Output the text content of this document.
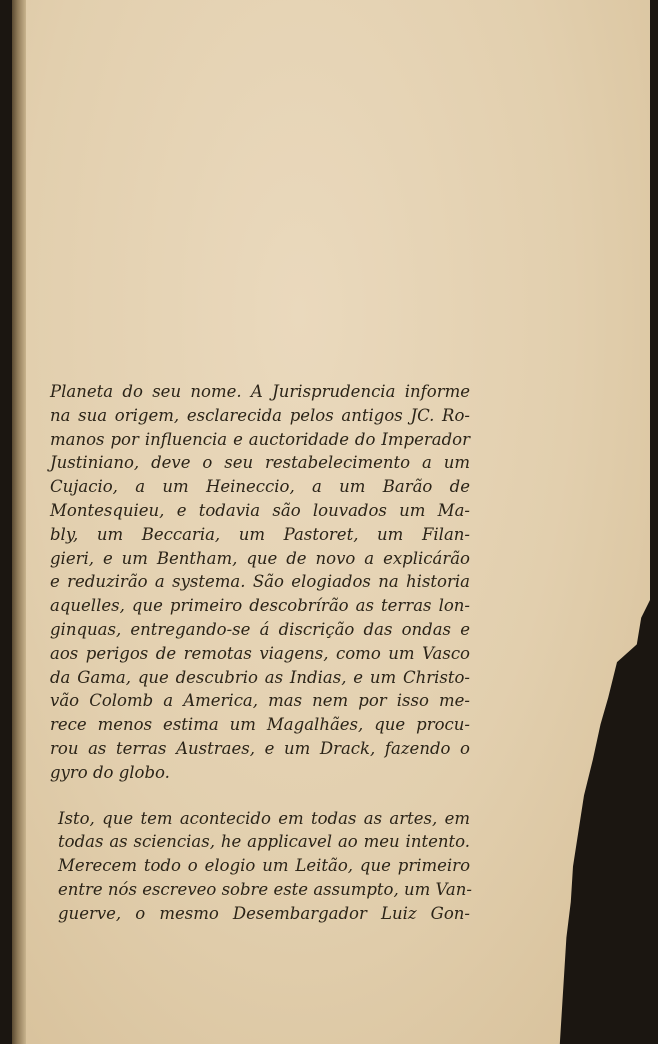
Planeta do seu nome. A Jurisprudencia informe
na sua origem, esclarecida pelos antigos JC. Ro-
manos por influencia e auctoridade do Imperador
Justiniano, deve o seu restabelecimento a um
Cujacio, a um Heineccio, a um Barão de
Montesquieu, e todavia são louvados um Ma-
bly, um Beccaria, um Pastoret, um Filan-
gieri, e um Bentham, que de novo a explicárão
e reduzirão a systema. São elogiados na historia
aquelles, que primeiro descobrírão as terras lon-
ginquas, entregando-se á discrição das ondas e
aos perigos de remotas viagens, como um Vasco
da Gama, que descubrio as Indias, e um Christo-
vão Colomb a America, mas nem por isso me-
rece menos estima um Magalhães, que procu-
rou as terras Austraes, e um Drack, fazendo o
gyro do globo.

Isto, que tem acontecido em todas as artes, em
todas as sciencias, he applicavel ao meu intento.
Merecem todo o elogio um Leitão, que primeiro
entre nós escreveo sobre este assumpto, um Van-
guerve, o mesmo Desembargador Luiz Gon-
